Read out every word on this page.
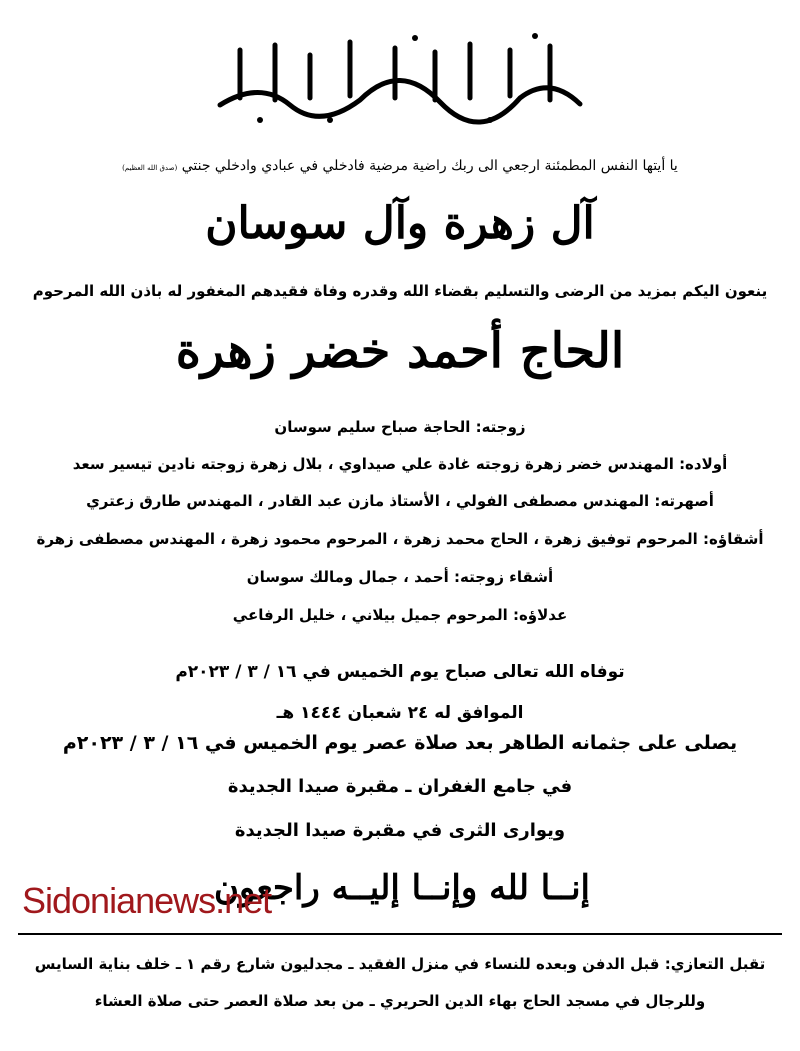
يا أيتها النفس المطمئنة ارجعي الى ربك راضية مرضية فادخلي في عبادي وادخلي جنتي (صدق الله العظيم)
آل زهرة وآل سوسان
ينعون اليكم بمزيد من الرضى والتسليم بقضاء الله وقدره وفاة فقيدهم المغفور له باذن الله المرحوم
الحاج أحمد خضر زهرة
زوجته: الحاجة صباح سليم سوسان
أولاده: المهندس خضر زهرة زوجته غادة علي صيداوي ، بلال زهرة زوجته نادين تيسير سعد
أصهرته: المهندس مصطفى الفولي ، الأستاذ مازن عبد القادر ، المهندس طارق زعتري
أشقاؤه: المرحوم توفيق زهرة ، الحاج محمد زهرة ، المرحوم محمود زهرة ، المهندس مصطفى زهرة
أشقاء زوجته: أحمد ، جمال ومالك سوسان
عدلاؤه: المرحوم جميل بيلاني ، خليل الرفاعي
توفاه الله تعالى صباح يوم الخميس في ١٦ / ٣ / ٢٠٢٣م
الموافق له ٢٤ شعبان ١٤٤٤ هـ
يصلى على جثمانه الطاهر بعد صلاة عصر يوم الخميس في ١٦ / ٣ / ٢٠٢٣م
في جامع الغفران ـ مقبرة صيدا الجديدة
ويوارى الثرى في مقبرة صيدا الجديدة
إنــا لله وإنــا إليــه راجعون
Sidonianews.net
تقبل التعازي: قبل الدفن وبعده للنساء في منزل الفقيد ـ مجدليون شارع رقم ١ ـ خلف بناية السايس
وللرجال في مسجد الحاج بهاء الدين الحريري ـ من بعد صلاة العصر حتى صلاة العشاء
